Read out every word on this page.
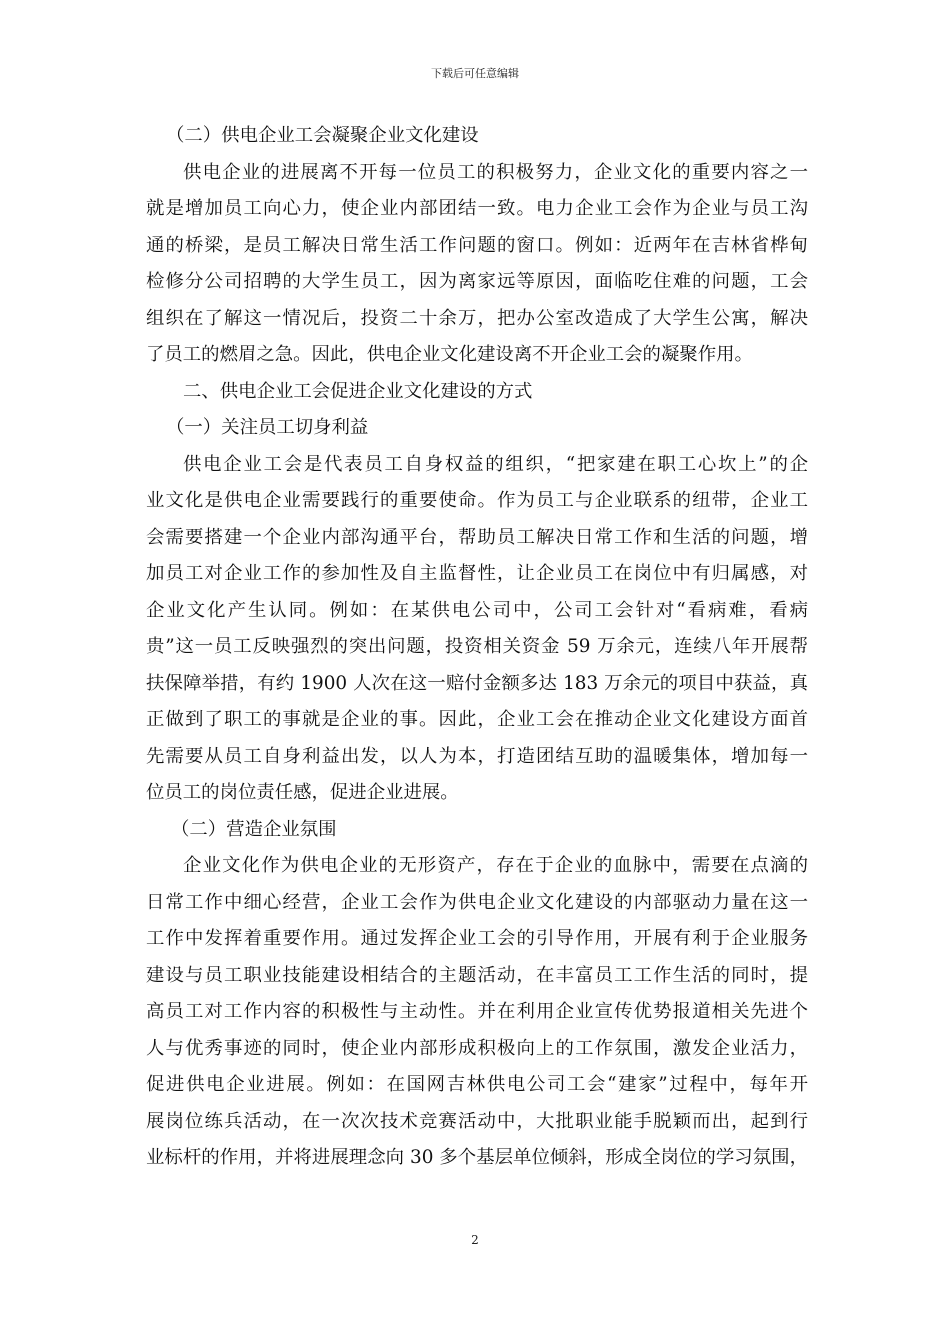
下载后可任意编辑
（二）供电企业工会凝聚企业文化建设
供电企业的进展离不开每一位员工的积极努力，企业文化的重要内容之一
就是增加员工向心力，使企业内部团结一致。电力企业工会作为企业与员工沟
通的桥梁，是员工解决日常生活工作问题的窗口。例如：近两年在吉林省桦甸
检修分公司招聘的大学生员工，因为离家远等原因，面临吃住难的问题，工会
组织在了解这一情况后，投资二十余万，把办公室改造成了大学生公寓，解决
了员工的燃眉之急。因此，供电企业文化建设离不开企业工会的凝聚作用。
二、供电企业工会促进企业文化建设的方式
（一）关注员工切身利益
供电企业工会是代表员工自身权益的组织，“把家建在职工心坎上”的企
业文化是供电企业需要践行的重要使命。作为员工与企业联系的纽带，企业工
会需要搭建一个企业内部沟通平台，帮助员工解决日常工作和生活的问题，增
加员工对企业工作的参加性及自主监督性，让企业员工在岗位中有归属感，对
企业文化产生认同。例如：在某供电公司中，公司工会针对“看病难，看病
贵”这一员工反映强烈的突出问题，投资相关资金 59 万余元，连续八年开展帮
扶保障举措，有约 1900 人次在这一赔付金额多达 183 万余元的项目中获益，真
正做到了职工的事就是企业的事。因此，企业工会在推动企业文化建设方面首
先需要从员工自身利益出发，以人为本，打造团结互助的温暖集体，增加每一
位员工的岗位责任感，促进企业进展。
（二）营造企业氛围
企业文化作为供电企业的无形资产，存在于企业的血脉中，需要在点滴的
日常工作中细心经营，企业工会作为供电企业文化建设的内部驱动力量在这一
工作中发挥着重要作用。通过发挥企业工会的引导作用，开展有利于企业服务
建设与员工职业技能建设相结合的主题活动，在丰富员工工作生活的同时，提
高员工对工作内容的积极性与主动性。并在利用企业宣传优势报道相关先进个
人与优秀事迹的同时，使企业内部形成积极向上的工作氛围，激发企业活力，
促进供电企业进展。例如：在国网吉林供电公司工会“建家”过程中，每年开
展岗位练兵活动，在一次次技术竞赛活动中，大批职业能手脱颖而出，起到行
业标杆的作用，并将进展理念向 30 多个基层单位倾斜，形成全岗位的学习氛围，
2
